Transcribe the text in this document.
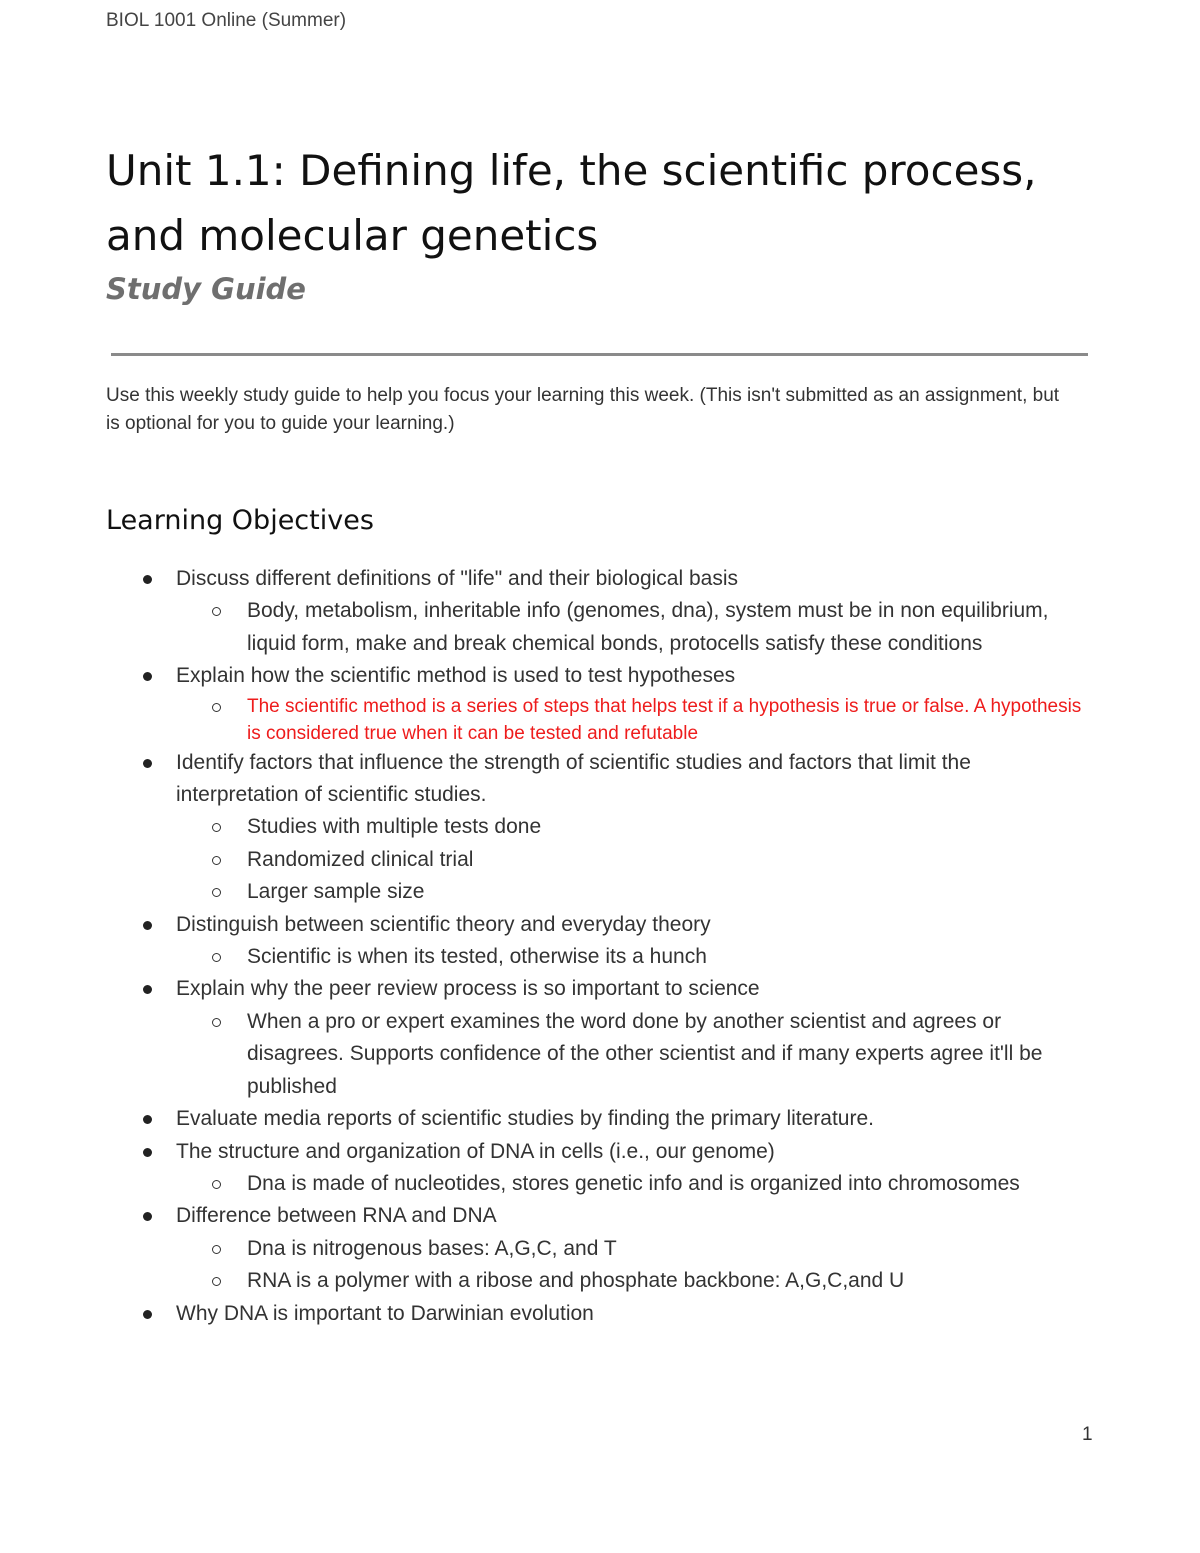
BIOL 1001 Online (Summer)
Unit 1.1: Defining life, the scientific process, and molecular genetics
Study Guide

Use this weekly study guide to help you focus your learning this week. (This isn't submitted as an assignment, but is optional for you to guide your learning.)

Learning Objectives
Discuss different definitions of "life" and their biological basis
Body, metabolism, inheritable info (genomes, dna), system must be in non equilibrium, liquid form, make and break chemical bonds, protocells satisfy these conditions
Explain how the scientific method is used to test hypotheses
The scientific method is a series of steps that helps test if a hypothesis is true or false. A hypothesis is considered true when it can be tested and refutable
Identify factors that influence the strength of scientific studies and factors that limit the interpretation of scientific studies.
Studies with multiple tests done
Randomized clinical trial
Larger sample size
Distinguish between scientific theory and everyday theory
Scientific is when its tested, otherwise its a hunch
Explain why the peer review process is so important to science
When a pro or expert examines the word done by another scientist and agrees or disagrees. Supports confidence of the other scientist and if many experts agree it'll be published
Evaluate media reports of scientific studies by finding the primary literature.
The structure and organization of DNA in cells (i.e., our genome)
Dna is made of nucleotides, stores genetic info and is organized into chromosomes
Difference between RNA and DNA
Dna is nitrogenous bases: A,G,C, and T
RNA is a polymer with a ribose and phosphate backbone: A,G,C,and U
Why DNA is important to Darwinian evolution
1
